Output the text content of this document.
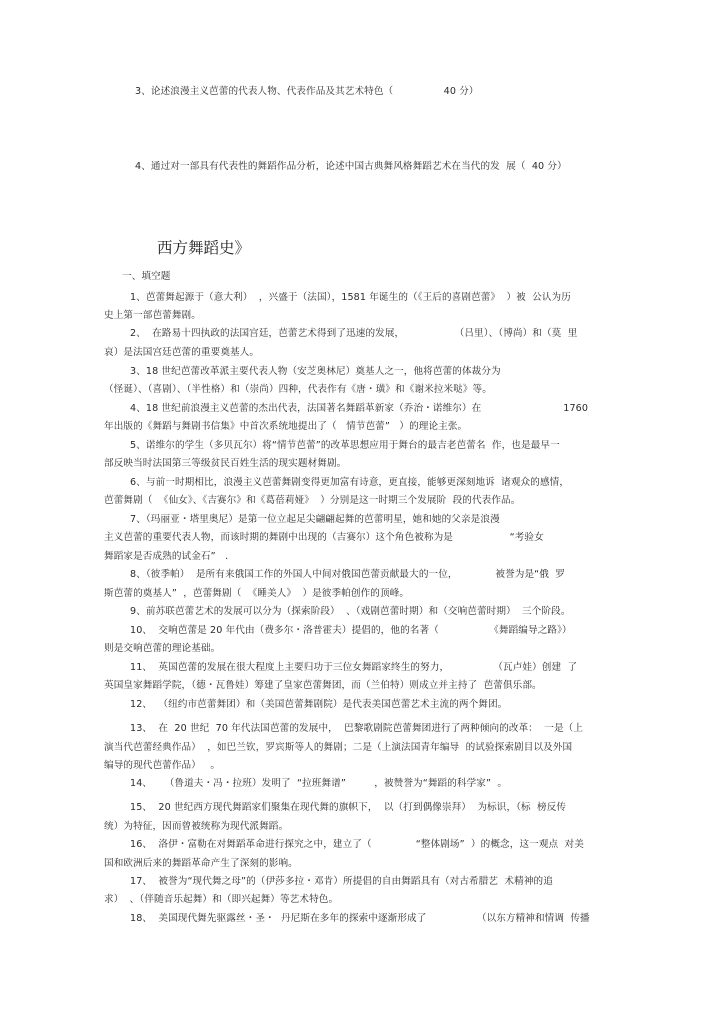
3、论述浪漫主义芭蕾的代表人物、代表作品及其艺术特色（                40 分）
4、通过对一部具有代表性的舞蹈作品分析，论述中国古典舞风格舞蹈艺术在当代的发  展（  40 分）
西方舞蹈史》
一、填空题
1、芭蕾舞起源于（意大利）  ，兴盛于（法国），1581 年诞生的（《王后的喜剧芭蕾》  ）被  公认为历
史上第一部芭蕾舞剧。
2、  在路易十四执政的法国宫廷，芭蕾艺术得到了迅速的发展，                （吕里）、（博尚）和（莫  里
哀）是法国宫廷芭蕾的重要奠基人。
3、18 世纪芭蕾改革派主要代表人物（安芝奥林尼）奠基人之一，他将芭蕾的体裁分为
（怪诞）、（喜剧）、（半性格）和（崇尚）四种，代表作有《唐・璜》和《谢米拉米哒》等。
4、18 世纪前浪漫主义芭蕾的杰出代表，法国著名舞蹈革新家（乔治・诺维尔）在                          1760
年出版的《舞蹈与舞剧书信集》中首次系统地提出了（   情节芭蕾”   ）的理论主张。
5、诺维尔的学生（多贝瓦尔）将“情节芭蕾”的改革思想应用于舞台的最吉老芭蕾名  作，也是最早一
部反映当时法国第三等级贫民百姓生活的现实题材舞剧。
6、与前一时期相比，浪漫主义芭蕾舞剧变得更加富有诗意，更直接，能够更深刻地诉  诸观众的感情，
芭蕾舞剧（  《仙女》、《吉赛尔》和《葛蓓莉娅》  ）分别是这一时期三个发展阶  段的代表作品。
7、（玛丽亚・塔里奥尼）是第一位立起足尖翩翩起舞的芭蕾明星，她和她的父亲是浪漫
主义芭蕾的重要代表人物，而该时期的舞剧中出现的（吉赛尔）这个角色被称为是                  “考验女
舞蹈家是否成熟的试金石”   .
8、（彼季帕）  是所有来俄国工作的外国人中间对俄国芭蕾贡献最大的一位，            被誉为是“俄  罗
斯芭蕾的奠基人”  ，芭蕾舞剧（  《睡美人》  ）是彼季帕创作的顶峰。
9、前苏联芭蕾艺术的发展可以分为（探索阶段）  、（戏剧芭蕾时期）和（交响芭蕾时期）  三个阶段。
10、  交响芭蕾是 20 年代由（费多尔・洛普霍夫）提倡的，他的名著（                《舞蹈编导之路》）
则是交响芭蕾的理论基础。
11、  英国芭蕾的发展在很大程度上主要归功于三位女舞蹈家终生的努力，              （瓦卢娃）创建  了
英国皇家舞蹈学院，（德・瓦鲁娃）筹建了皇家芭蕾舞团，而（兰伯特）则成立并主持了  芭蕾俱乐部。
12、  （纽约市芭蕾舞团）和（美国芭蕾舞剧院）是代表美国芭蕾艺术主流的两个舞团。
13、  在  20 世纪  70 年代法国芭蕾的发展中，  巴黎歌剧院芭蕾舞团进行了两种倾向的改革：  一是（上
演当代芭蕾经典作品）  ，如巴兰钦，罗宾斯等人的舞剧；二是（上演法国青年编导  的试验探索剧目以及外国
编导的现代芭蕾作品）   。
14、    （鲁道夫・冯・拉班）发明了  “拉班舞谱”         ，被赞誉为“舞蹈的科学家”  。
15、  20 世纪西方现代舞蹈家们聚集在现代舞的旗帜下，  以（打到偶像崇拜）  为标识，（标  榜反传
统）为特征，因而曾被统称为现代派舞蹈。
16、  洛伊・富勒在对舞蹈革命进行探究之中，建立了（              “整体剧场”  ）的概念，这一观点  对美
国和欧洲后来的舞蹈革命产生了深刻的影响。
17、  被誉为“现代舞之母”的（伊莎多拉・邓肯）所提倡的自由舞蹈具有（对古希腊艺  术精神的追
求）  、（伴随音乐起舞）和（即兴起舞）等艺术特色。
18、  美国现代舞先驱露丝・圣・  丹尼斯在多年的探索中逐渐形成了                （以东方精神和情调  传播
